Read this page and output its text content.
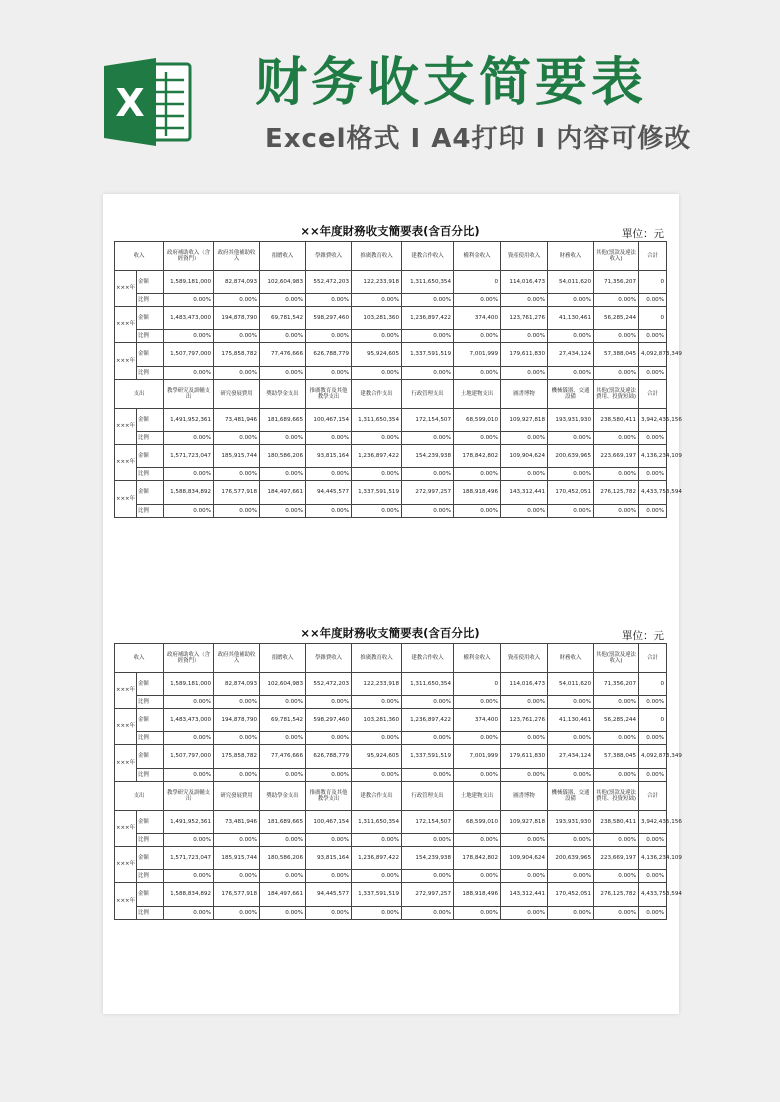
X 财务收支简要表
Excel格式 I A4打印 I 内容可修改
××年度財務收支簡要表(含百分比)	單位：元
收入		政府補助收入（含經資門）	政府其他補助收入	捐贈收入	學雜費收入	推廣教育收入	建教合作收入	權利金收入	資產使用收入	財務收入	其他(罰款及違法收入)	合計
×××年	金額	1,589,181,000	82,874,093	102,604,983	552,472,203	122,233,918	1,311,650,354	0	114,016,473	54,011,620	71,356,207	0
	比例	0.00%	0.00%	0.00%	0.00%	0.00%	0.00%	0.00%	0.00%	0.00%	0.00%	0.00%
×××年	金額	1,483,473,000	194,878,790	69,781,542	598,297,460	103,281,360	1,236,897,422	374,400	123,761,276	41,130,461	56,285,244	0
	比例	0.00%	0.00%	0.00%	0.00%	0.00%	0.00%	0.00%	0.00%	0.00%	0.00%	0.00%
×××年	金額	1,507,797,000	175,858,782	77,476,666	626,788,779	95,924,605	1,337,591,519	7,001,999	179,611,830	27,434,124	57,388,045	4,092,873,349
	比例	0.00%	0.00%	0.00%	0.00%	0.00%	0.00%	0.00%	0.00%	0.00%	0.00%	0.00%
支出		教學研究及訓輔支出	研究發展費用	獎助學金支出	推廣教育及其他教學支出	建教合作支出	行政管理支出	土地建物支出	圖書博物	機械儀器、交通設備	其他(罰款及違法費用、投資短絀)	合計
×××年	金額	1,491,952,361	73,481,946	181,689,665	100,467,154	1,311,650,354	172,154,507	68,599,010	109,927,818	193,931,930	238,580,411	3,942,435,156
	比例	0.00%	0.00%	0.00%	0.00%	0.00%	0.00%	0.00%	0.00%	0.00%	0.00%	0.00%
×××年	金額	1,571,723,047	185,915,744	180,586,206	93,815,164	1,236,897,422	154,239,938	178,842,802	109,904,624	200,639,965	223,669,197	4,136,234,109
	比例	0.00%	0.00%	0.00%	0.00%	0.00%	0.00%	0.00%	0.00%	0.00%	0.00%	0.00%
×××年	金額	1,588,834,892	176,577,918	184,497,661	94,445,577	1,337,591,519	272,997,257	188,918,496	143,312,441	170,452,051	276,125,782	4,433,753,594
	比例	0.00%	0.00%	0.00%	0.00%	0.00%	0.00%	0.00%	0.00%	0.00%	0.00%	0.00%
××年度財務收支簡要表(含百分比)	單位：元
收入		政府補助收入（含經資門）	政府其他補助收入	捐贈收入	學雜費收入	推廣教育收入	建教合作收入	權利金收入	資產使用收入	財務收入	其他(罰款及違法收入)	合計
×××年	金額	1,589,181,000	82,874,093	102,604,983	552,472,203	122,233,918	1,311,650,354	0	114,016,473	54,011,620	71,356,207	0
	比例	0.00%	0.00%	0.00%	0.00%	0.00%	0.00%	0.00%	0.00%	0.00%	0.00%	0.00%
×××年	金額	1,483,473,000	194,878,790	69,781,542	598,297,460	103,281,360	1,236,897,422	374,400	123,761,276	41,130,461	56,285,244	0
	比例	0.00%	0.00%	0.00%	0.00%	0.00%	0.00%	0.00%	0.00%	0.00%	0.00%	0.00%
×××年	金額	1,507,797,000	175,858,782	77,476,666	626,788,779	95,924,605	1,337,591,519	7,001,999	179,611,830	27,434,124	57,388,045	4,092,873,349
	比例	0.00%	0.00%	0.00%	0.00%	0.00%	0.00%	0.00%	0.00%	0.00%	0.00%	0.00%
支出		教學研究及訓輔支出	研究發展費用	獎助學金支出	推廣教育及其他教學支出	建教合作支出	行政管理支出	土地建物支出	圖書博物	機械儀器、交通設備	其他(罰款及違法費用、投資短絀)	合計
×××年	金額	1,491,952,361	73,481,946	181,689,665	100,467,154	1,311,650,354	172,154,507	68,599,010	109,927,818	193,931,930	238,580,411	3,942,435,156
	比例	0.00%	0.00%	0.00%	0.00%	0.00%	0.00%	0.00%	0.00%	0.00%	0.00%	0.00%
×××年	金額	1,571,723,047	185,915,744	180,586,206	93,815,164	1,236,897,422	154,239,938	178,842,802	109,904,624	200,639,965	223,669,197	4,136,234,109
	比例	0.00%	0.00%	0.00%	0.00%	0.00%	0.00%	0.00%	0.00%	0.00%	0.00%	0.00%
×××年	金額	1,588,834,892	176,577,918	184,497,661	94,445,577	1,337,591,519	272,997,257	188,918,496	143,312,441	170,452,051	276,125,782	4,433,753,594
	比例	0.00%	0.00%	0.00%	0.00%	0.00%	0.00%	0.00%	0.00%	0.00%	0.00%	0.00%
